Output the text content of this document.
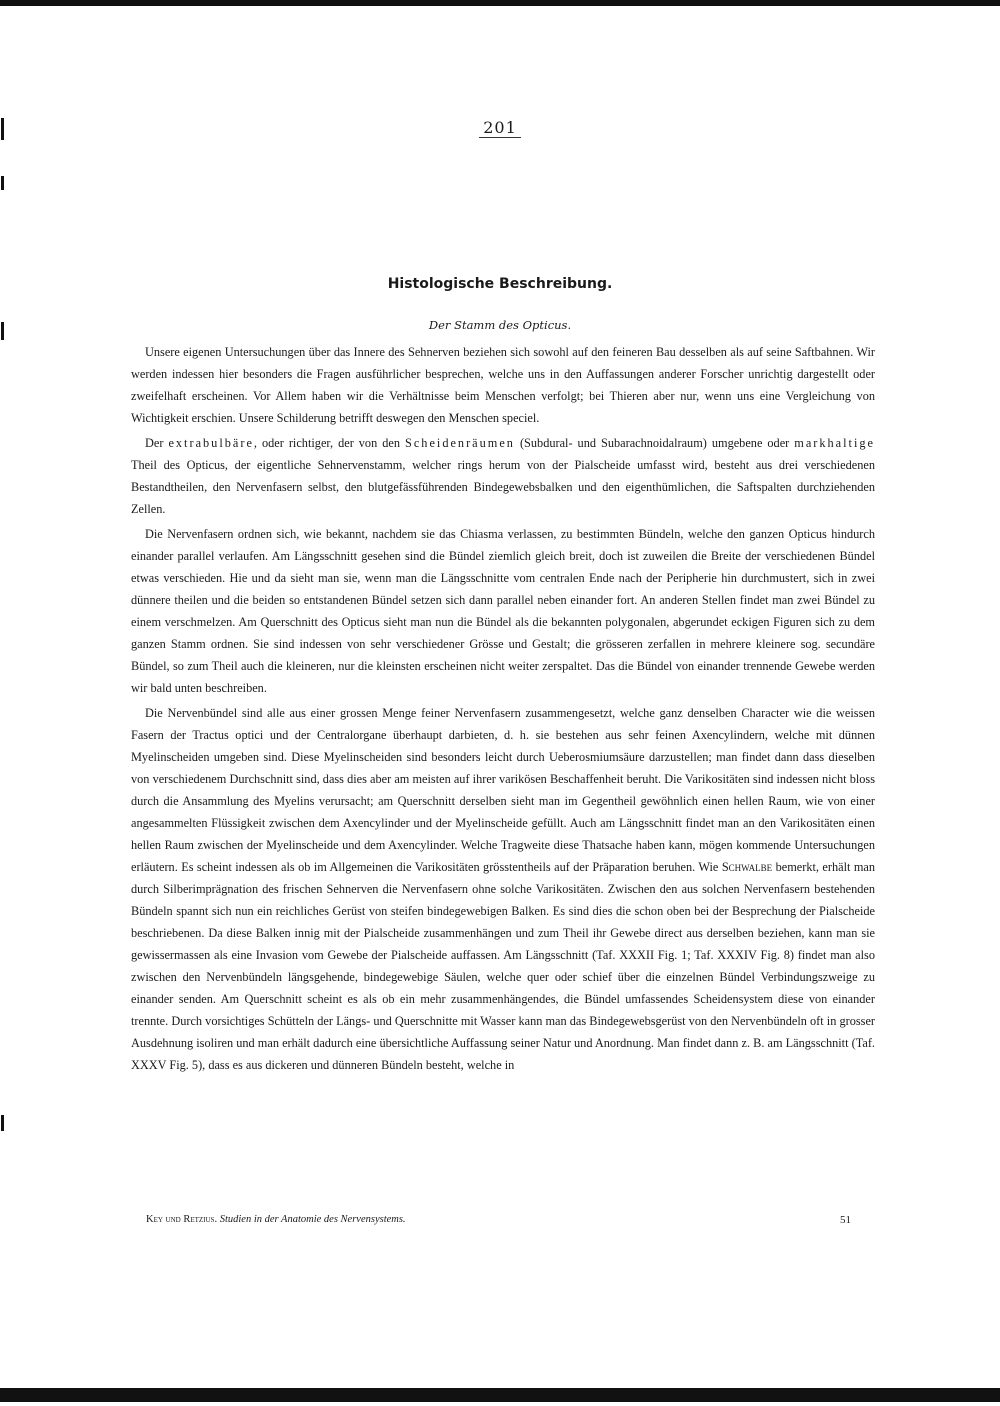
201
Histologische Beschreibung.
Der Stamm des Opticus.

Unsere eigenen Untersuchungen über das Innere des Sehnerven beziehen sich sowohl auf den feineren Bau desselben als auf seine Saftbahnen. Wir werden indessen hier besonders die Fragen ausführlicher besprechen, welche uns in den Auffassungen anderer Forscher unrichtig dargestellt oder zweifelhaft erscheinen. Vor Allem haben wir die Verhältnisse beim Menschen verfolgt; bei Thieren aber nur, wenn uns eine Vergleichung von Wichtigkeit erschien. Unsere Schilderung betrifft deswegen den Menschen speciel.

Der extrabulbäre, oder richtiger, der von den Scheidenräumen (Subdural- und Subarachnoidalraum) umgebene oder markhaltige Theil des Opticus, der eigentliche Sehnervenstamm, welcher rings herum von der Pialscheide umfasst wird, besteht aus drei verschiedenen Bestandtheilen, den Nervenfasern selbst, den blutgefässführenden Bindegewebsbalken und den eigenthümlichen, die Saftspalten durchziehenden Zellen.

Die Nervenfasern ordnen sich, wie bekannt, nachdem sie das Chiasma verlassen, zu bestimmten Bündeln, welche den ganzen Opticus hindurch einander parallel verlaufen. Am Längsschnitt gesehen sind die Bündel ziemlich gleich breit, doch ist zuweilen die Breite der verschiedenen Bündel etwas verschieden. Hie und da sieht man sie, wenn man die Längsschnitte vom centralen Ende nach der Peripherie hin durchmustert, sich in zwei dünnere theilen und die beiden so entstandenen Bündel setzen sich dann parallel neben einander fort. An anderen Stellen findet man zwei Bündel zu einem verschmelzen. Am Querschnitt des Opticus sieht man nun die Bündel als die bekannten polygonalen, abgerundet eckigen Figuren sich zu dem ganzen Stamm ordnen. Sie sind indessen von sehr verschiedener Grösse und Gestalt; die grösseren zerfallen in mehrere kleinere sog. secundäre Bündel, so zum Theil auch die kleineren, nur die kleinsten erscheinen nicht weiter zerspaltet. Das die Bündel von einander trennende Gewebe werden wir bald unten beschreiben.

Die Nervenbündel sind alle aus einer grossen Menge feiner Nervenfasern zusammengesetzt, welche ganz denselben Character wie die weissen Fasern der Tractus optici und der Centralorgane überhaupt darbieten, d. h. sie bestehen aus sehr feinen Axencylindern, welche mit dünnen Myelinscheiden umgeben sind. Diese Myelinscheiden sind besonders leicht durch Ueberosmiumsäure darzustellen; man findet dann dass dieselben von verschiedenem Durchschnitt sind, dass dies aber am meisten auf ihrer varikösen Beschaffenheit beruht. Die Varikositäten sind indessen nicht bloss durch die Ansammlung des Myelins verursacht; am Querschnitt derselben sieht man im Gegentheil gewöhnlich einen hellen Raum, wie von einer angesammelten Flüssigkeit zwischen dem Axencylinder und der Myelinscheide gefüllt. Auch am Längsschnitt findet man an den Varikositäten einen hellen Raum zwischen der Myelinscheide und dem Axencylinder. Welche Tragweite diese Thatsache haben kann, mögen kommende Untersuchungen erläutern. Es scheint indessen als ob im Allgemeinen die Varikositäten grösstentheils auf der Präparation beruhen. Wie Schwalbe bemerkt, erhält man durch Silberimprägnation des frischen Sehnerven die Nervenfasern ohne solche Varikositäten. Zwischen den aus solchen Nervenfasern bestehenden Bündeln spannt sich nun ein reichliches Gerüst von steifen bindegewebigen Balken. Es sind dies die schon oben bei der Besprechung der Pialscheide beschriebenen. Da diese Balken innig mit der Pialscheide zusammenhängen und zum Theil ihr Gewebe direct aus derselben beziehen, kann man sie gewissermassen als eine Invasion vom Gewebe der Pialscheide auffassen. Am Längsschnitt (Taf. XXXII Fig. 1; Taf. XXXIV Fig. 8) findet man also zwischen den Nervenbündeln längsgehende, bindegewebige Säulen, welche quer oder schief über die einzelnen Bündel Verbindungszweige zu einander senden. Am Querschnitt scheint es als ob ein mehr zusammenhängendes, die Bündel umfassendes Scheidensystem diese von einander trennte. Durch vorsichtiges Schütteln der Längs- und Querschnitte mit Wasser kann man das Bindegewebsgerüst von den Nervenbündeln oft in grosser Ausdehnung isoliren und man erhält dadurch eine übersichtliche Auffassung seiner Natur und Anordnung. Man findet dann z. B. am Längsschnitt (Taf. XXXV Fig. 5), dass es aus dickeren und dünneren Bündeln besteht, welche in

Key und Retzius. Studien in der Anatomie des Nervensystems.	51
